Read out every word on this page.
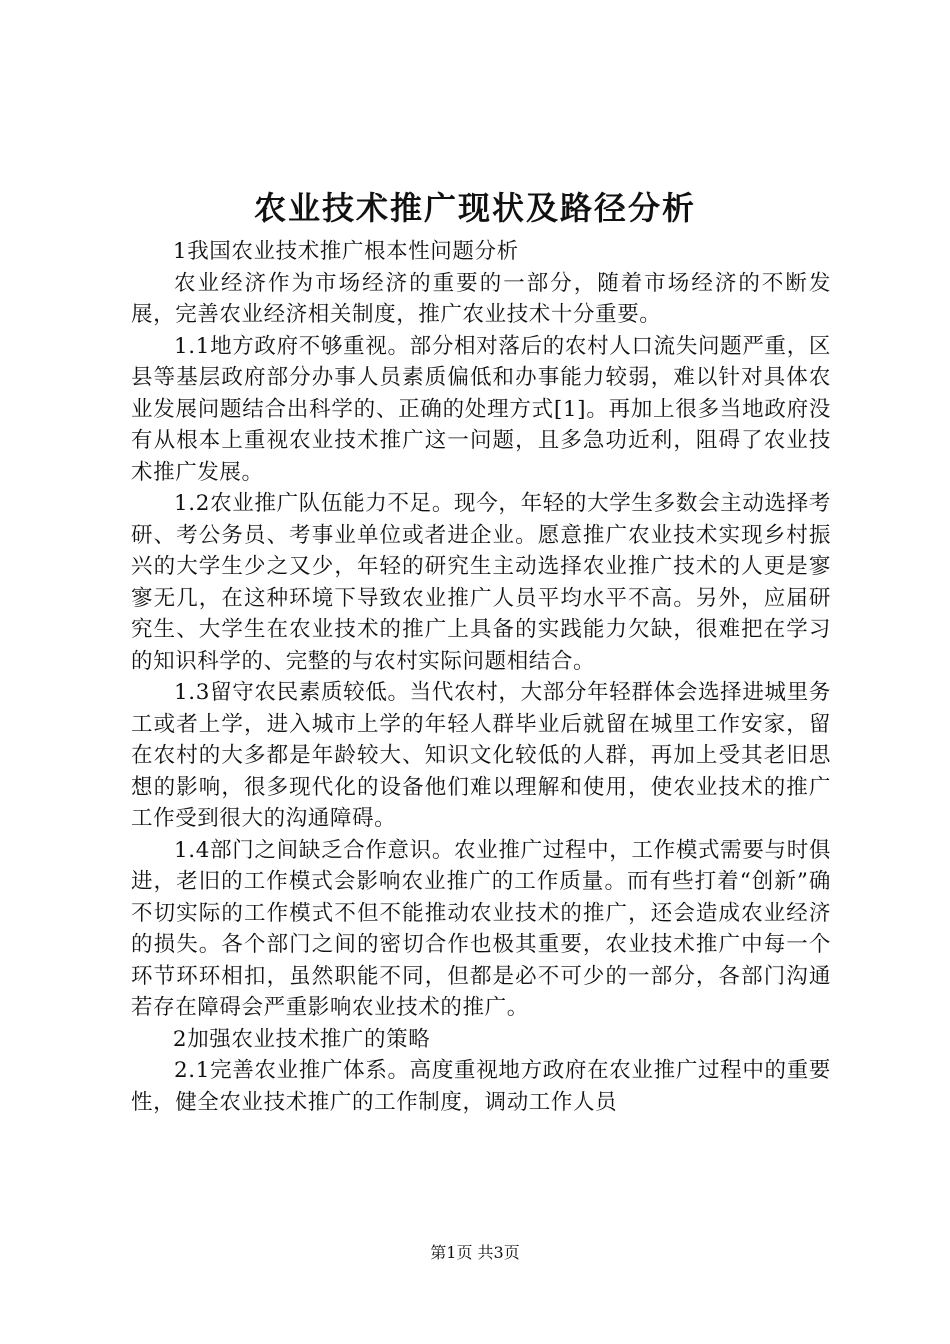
农业技术推广现状及路径分析

1我国农业技术推广根本性问题分析

农业经济作为市场经济的重要的一部分，随着市场经济的不断发展，完善农业经济相关制度，推广农业技术十分重要。

1.1地方政府不够重视。部分相对落后的农村人口流失问题严重，区县等基层政府部分办事人员素质偏低和办事能力较弱，难以针对具体农业发展问题结合出科学的、正确的处理方式[1]。再加上很多当地政府没有从根本上重视农业技术推广这一问题，且多急功近利，阻碍了农业技术推广发展。

1.2农业推广队伍能力不足。现今，年轻的大学生多数会主动选择考研、考公务员、考事业单位或者进企业。愿意推广农业技术实现乡村振兴的大学生少之又少，年轻的研究生主动选择农业推广技术的人更是寥寥无几，在这种环境下导致农业推广人员平均水平不高。另外，应届研究生、大学生在农业技术的推广上具备的实践能力欠缺，很难把在学习的知识科学的、完整的与农村实际问题相结合。

1.3留守农民素质较低。当代农村，大部分年轻群体会选择进城里务工或者上学，进入城市上学的年轻人群毕业后就留在城里工作安家，留在农村的大多都是年龄较大、知识文化较低的人群，再加上受其老旧思想的影响，很多现代化的设备他们难以理解和使用，使农业技术的推广工作受到很大的沟通障碍。

1.4部门之间缺乏合作意识。农业推广过程中，工作模式需要与时俱进，老旧的工作模式会影响农业推广的工作质量。而有些打着“创新”确不切实际的工作模式不但不能推动农业技术的推广，还会造成农业经济的损失。各个部门之间的密切合作也极其重要，农业技术推广中每一个环节环环相扣，虽然职能不同，但都是必不可少的一部分，各部门沟通若存在障碍会严重影响农业技术的推广。

2加强农业技术推广的策略

2.1完善农业推广体系。高度重视地方政府在农业推广过程中的重要性，健全农业技术推广的工作制度，调动工作人员

第1页 共3页
